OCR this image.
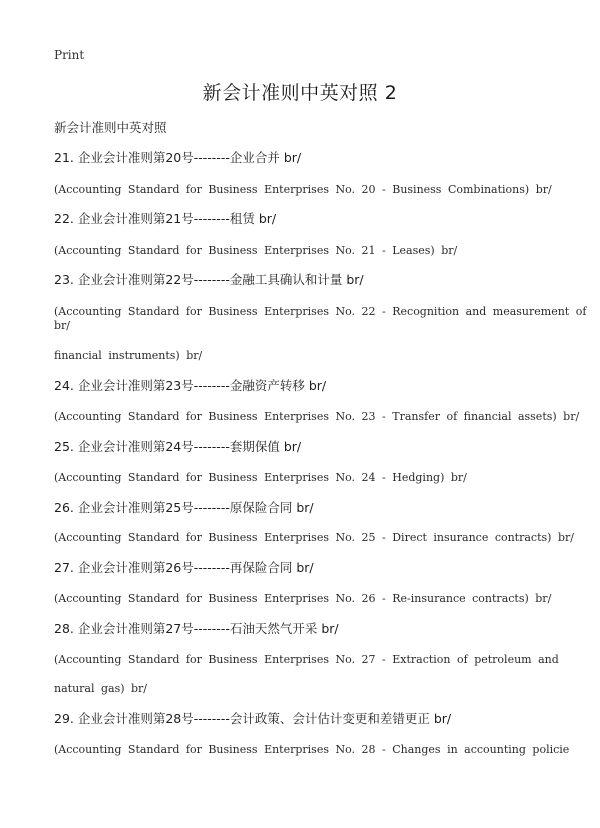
Print
新会计准则中英对照 2
新会计准则中英对照
21. 企业会计准则第20号--------企业合并 br/
(Accounting Standard for Business Enterprises No. 20 - Business Combinations) br/
22. 企业会计准则第21号--------租赁 br/
(Accounting Standard for Business Enterprises No. 21 - Leases) br/
23. 企业会计准则第22号--------金融工具确认和计量 br/
(Accounting Standard for Business Enterprises No. 22 - Recognition and measurement of
br/
financial instruments) br/
24. 企业会计准则第23号--------金融资产转移 br/
(Accounting Standard for Business Enterprises No. 23 - Transfer of financial assets) br/
25. 企业会计准则第24号--------套期保值 br/
(Accounting Standard for Business Enterprises No. 24 - Hedging) br/
26. 企业会计准则第25号--------原保险合同 br/
(Accounting Standard for Business Enterprises No. 25 - Direct insurance contracts) br/
27. 企业会计准则第26号--------再保险合同 br/
(Accounting Standard for Business Enterprises No. 26 - Re-insurance contracts) br/
28. 企业会计准则第27号--------石油天然气开采 br/
(Accounting Standard for Business Enterprises No. 27 - Extraction of petroleum and
natural gas) br/
29. 企业会计准则第28号--------会计政策、会计估计变更和差错更正 br/
(Accounting Standard for Business Enterprises No. 28 - Changes in accounting policie
